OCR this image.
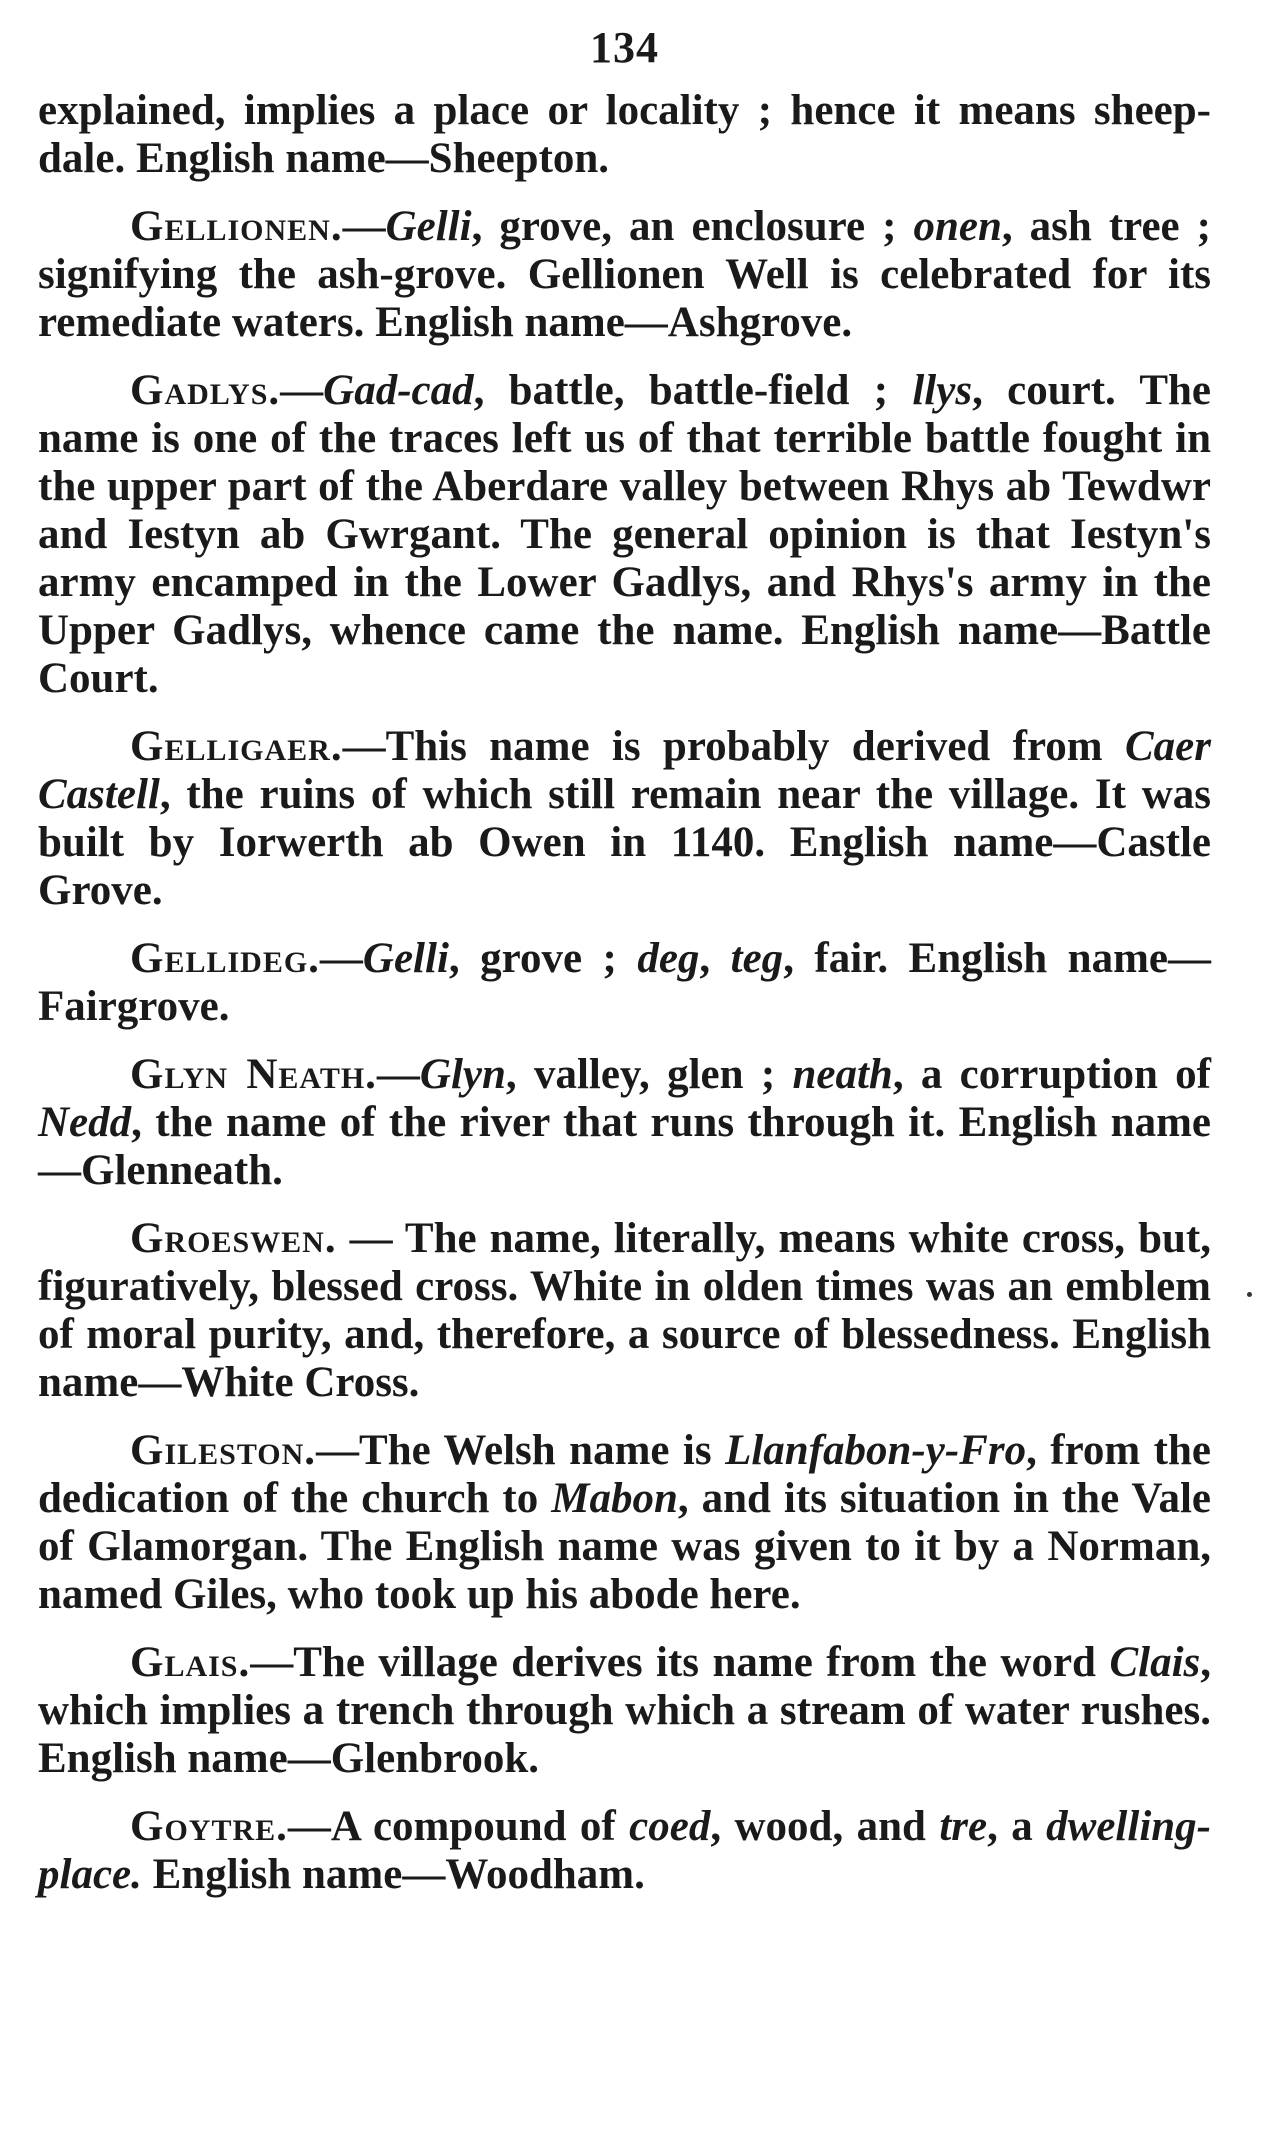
134

explained, implies a place or locality ; hence it means sheep-dale. English name—Sheepton.

Gellionen.—Gelli, grove, an enclosure ; onen, ash tree ; signifying the ash-grove. Gellionen Well is celebrated for its remediate waters. English name—Ashgrove.

Gadlys.—Gad-cad, battle, battle-field ; llys, court. The name is one of the traces left us of that terrible battle fought in the upper part of the Aberdare valley between Rhys ab Tewdwr and Iestyn ab Gwrgant. The general opinion is that Iestyn's army encamped in the Lower Gadlys, and Rhys's army in the Upper Gadlys, whence came the name. English name—Battle Court.

Gelligaer.—This name is probably derived from Caer Castell, the ruins of which still remain near the village. It was built by Iorwerth ab Owen in 1140. English name—Castle Grove.

Gellideg.—Gelli, grove ; deg, teg, fair. English name—Fairgrove.

Glyn Neath.—Glyn, valley, glen ; neath, a corruption of Nedd, the name of the river that runs through it. English name—Glenneath.

Groeswen. — The name, literally, means white cross, but, figuratively, blessed cross. White in olden times was an emblem of moral purity, and, therefore, a source of blessedness. English name—White Cross.

Gileston.—The Welsh name is Llanfabon-y-Fro, from the dedication of the church to Mabon, and its situation in the Vale of Glamorgan. The English name was given to it by a Norman, named Giles, who took up his abode here.

Glais.—The village derives its name from the word Clais, which implies a trench through which a stream of water rushes. English name—Glenbrook.

Goytre.—A compound of coed, wood, and tre, a dwelling-place. English name—Woodham.
